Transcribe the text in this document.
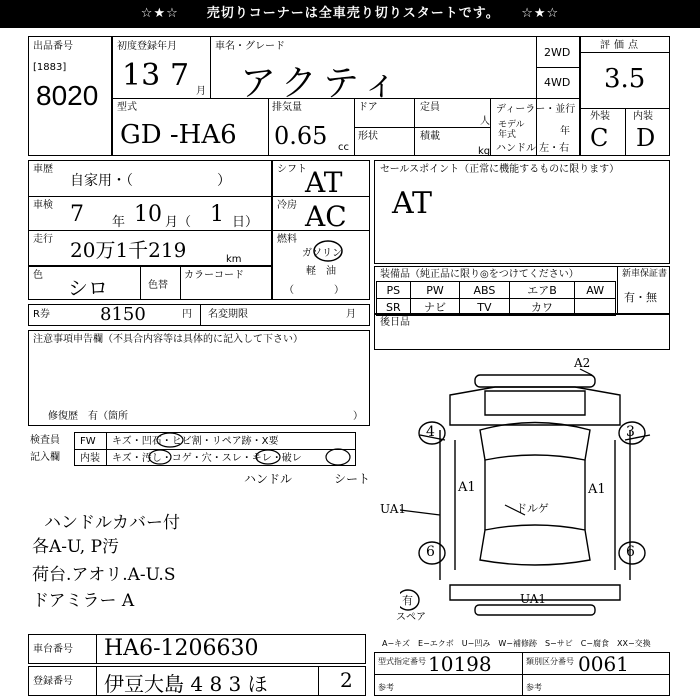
☆★☆　　売切りコーナーは全車売り切りスタートです。　　☆★☆
出品番号
[1883]
8020
初度登録年月
13 7 月
車名・グレード
アクティ
2WD
4WD
型式
GD -HA6
排気量
0.65 cc
ドア	定員
人
形状	積載
kg
ディーラー・並行
モデル
年式	年
ハンドル 左・右
評価点
3.5
外装 内装
C D
車歴
自家用・（　　　　　　）
車検 7 年 10 月（ 1 日）
走行 20万1千219	km
色
シロ	色替
カラーコード
シフト
AT
冷房 AC
燃料
ガソリン
軽　油
（　　　　）
R券	8150	円 名変期限	月
注意事項申告欄（不具合内容等は具体的に記入して下さい）
修復歴　有（箇所	）
セールスポイント（正常に機能するものに限ります）
AT
装備品（純正品に限り◎をつけてください）
PS	PW	ABS	エアB	AW
SR	ナビ	TV	カワ	
新車保証書
有・無
後日品
検査員
記入欄
FW キズ・凹石・ヒビ割・リペア跡・X要
内装 キズ・汚し・コゲ・穴・スレ・キレ・破レ
ハンドル	シート
ハンドルカバー付
各A-U, P汚
荷台.アオリ.A-U.S
ドアミラー A
A2
UA1
UA1
A1	A1
ドルゲ
4	3
6	6
有
スペア
車台番号 HA6-1206630
登録番号 伊豆大島 4 8 3 ほ	2
A−キズ　E−エクボ　U−凹み　W−補修跡　S−サビ　C−腐食　XX−交換
型式指定番号 10198	類別区分番号 0061
参考	参考
